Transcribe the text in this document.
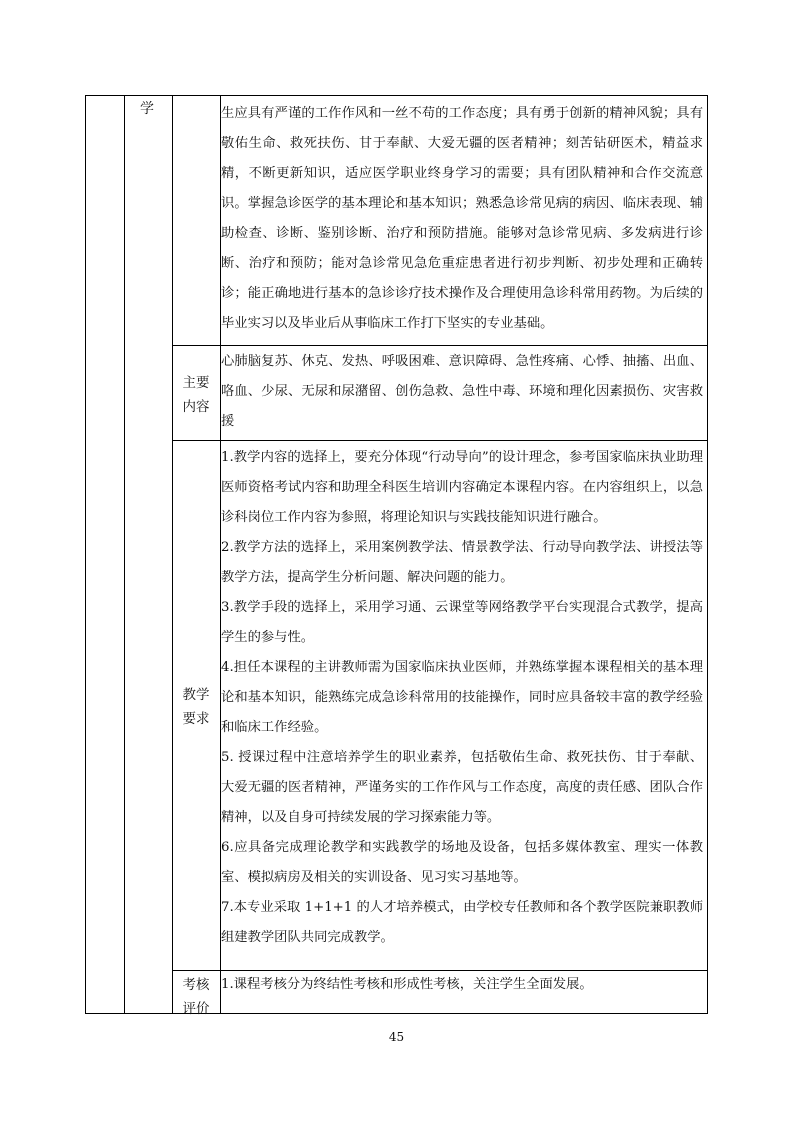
学	生应具有严谨的工作作风和一丝不苟的工作态度；具有勇于创新的精神风貌；具有敬佑生命、救死扶伤、甘于奉献、大爱无疆的医者精神；刻苦钻研医术，精益求精，不断更新知识，适应医学职业终身学习的需要；具有团队精神和合作交流意识。掌握急诊医学的基本理论和基本知识；熟悉急诊常见病的病因、临床表现、辅助检查、诊断、鉴别诊断、治疗和预防措施。能够对急诊常见病、多发病进行诊断、治疗和预防；能对急诊常见急危重症患者进行初步判断、初步处理和正确转诊；能正确地进行基本的急诊诊疗技术操作及合理使用急诊科常用药物。为后续的毕业实习以及毕业后从事临床工作打下坚实的专业基础。

主要
内容

心肺脑复苏、休克、发热、呼吸困难、意识障碍、急性疼痛、心悸、抽搐、出血、咯血、少尿、无尿和尿潴留、创伤急救、急性中毒、环境和理化因素损伤、灾害救援

教学
要求

1.教学内容的选择上，要充分体现“行动导向”的设计理念，参考国家临床执业助理医师资格考试内容和助理全科医生培训内容确定本课程内容。在内容组织上，以急诊科岗位工作内容为参照，将理论知识与实践技能知识进行融合。

2.教学方法的选择上，采用案例教学法、情景教学法、行动导向教学法、讲授法等教学方法，提高学生分析问题、解决问题的能力。

3.教学手段的选择上，采用学习通、云课堂等网络教学平台实现混合式教学，提高学生的参与性。

4.担任本课程的主讲教师需为国家临床执业医师，并熟练掌握本课程相关的基本理论和基本知识，能熟练完成急诊科常用的技能操作，同时应具备较丰富的教学经验和临床工作经验。

5. 授课过程中注意培养学生的职业素养，包括敬佑生命、救死扶伤、甘于奉献、大爱无疆的医者精神，严谨务实的工作作风与工作态度，高度的责任感、团队合作精神，以及自身可持续发展的学习探索能力等。

6.应具备完成理论教学和实践教学的场地及设备，包括多媒体教室、理实一体教室、模拟病房及相关的实训设备、见习实习基地等。

7.本专业采取 1+1+1 的人才培养模式，由学校专任教师和各个教学医院兼职教师组建教学团队共同完成教学。

考核
评价

1.课程考核分为终结性考核和形成性考核，关注学生全面发展。

45
